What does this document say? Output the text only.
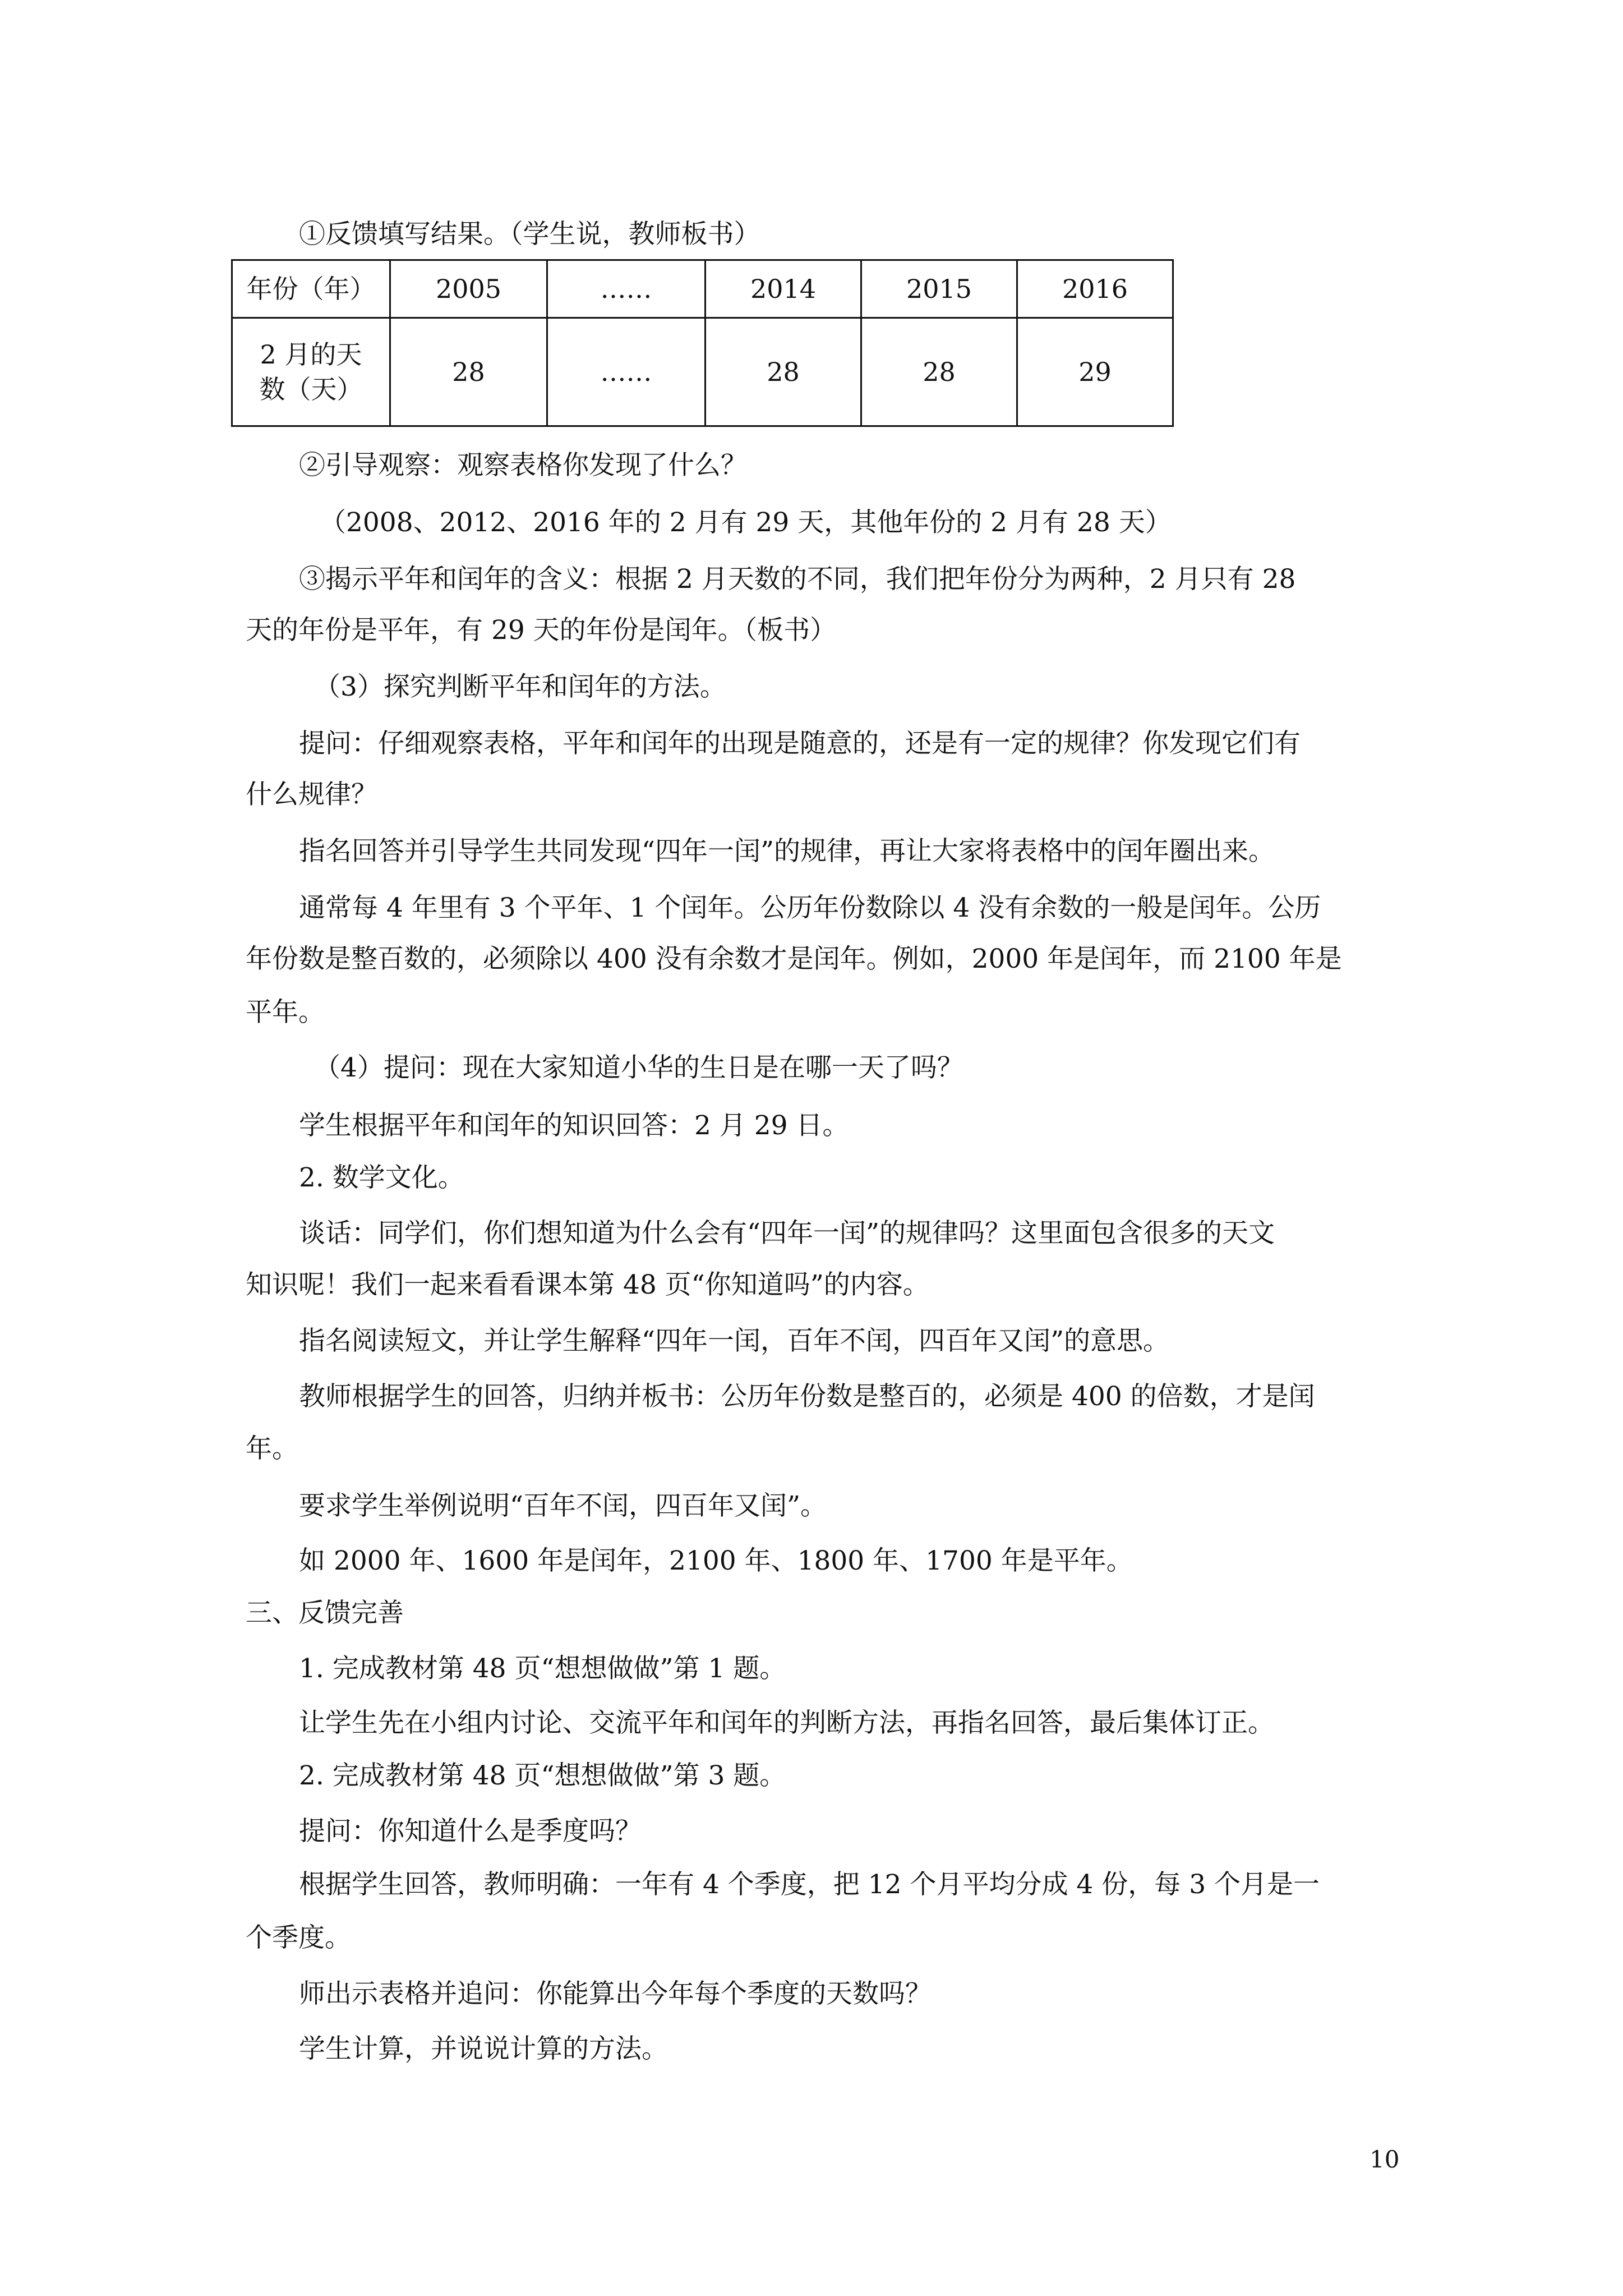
①反馈填写结果。（学生说，教师板书）
年份（年）	2005	……	2014	2015	2016

2 月的天
数（天）	28	……	28	28	29
②引导观察：观察表格你发现了什么？
（2008、2012、2016 年的 2 月有 29 天，其他年份的 2 月有 28 天）
③揭示平年和闰年的含义：根据 2 月天数的不同，我们把年份分为两种，2 月只有 28
天的年份是平年，有 29 天的年份是闰年。（板书）
（3）探究判断平年和闰年的方法。
提问：仔细观察表格，平年和闰年的出现是随意的，还是有一定的规律？你发现它们有
什么规律？
指名回答并引导学生共同发现“四年一闰”的规律，再让大家将表格中的闰年圈出来。
通常每 4 年里有 3 个平年、1 个闰年。公历年份数除以 4 没有余数的一般是闰年。公历
年份数是整百数的，必须除以 400 没有余数才是闰年。例如，2000 年是闰年，而 2100 年是
平年。
（4）提问：现在大家知道小华的生日是在哪一天了吗？
学生根据平年和闰年的知识回答：2 月 29 日。
2. 数学文化。
谈话：同学们，你们想知道为什么会有“四年一闰”的规律吗？这里面包含很多的天文
知识呢！我们一起来看看课本第 48 页“你知道吗”的内容。
指名阅读短文，并让学生解释“四年一闰，百年不闰，四百年又闰”的意思。
教师根据学生的回答，归纳并板书：公历年份数是整百的，必须是 400 的倍数，才是闰
年。
要求学生举例说明“百年不闰，四百年又闰”。
如 2000 年、1600 年是闰年，2100 年、1800 年、1700 年是平年。
三、反馈完善
1. 完成教材第 48 页“想想做做”第 1 题。
让学生先在小组内讨论、交流平年和闰年的判断方法，再指名回答，最后集体订正。
2. 完成教材第 48 页“想想做做”第 3 题。
提问：你知道什么是季度吗？
根据学生回答，教师明确：一年有 4 个季度，把 12 个月平均分成 4 份，每 3 个月是一
个季度。
师出示表格并追问：你能算出今年每个季度的天数吗？
学生计算，并说说计算的方法。
10
